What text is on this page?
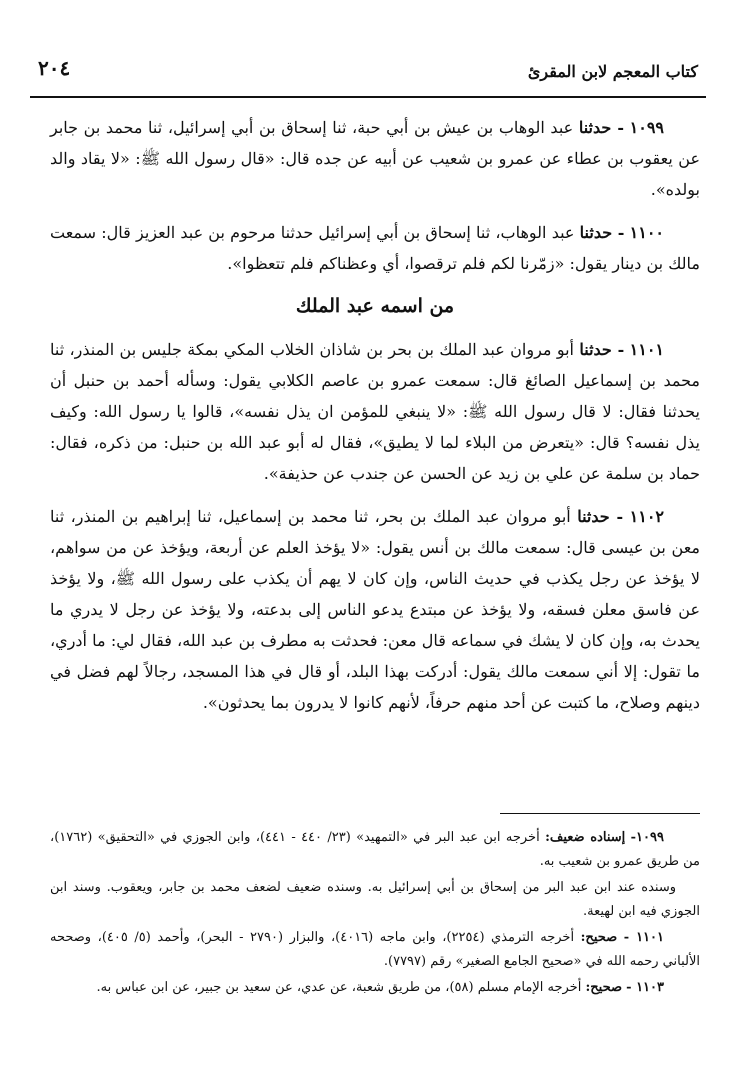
كتاب المعجم لابن المقرئ
٢٠٤

١٠٩٩ - حدثنا عبد الوهاب بن عيش بن أبي حبة، ثنا إسحاق بن أبي إسرائيل، ثنا محمد بن جابر عن يعقوب بن عطاء عن عمرو بن شعيب عن أبيه عن جده قال: «قال رسول الله ﷺ: «لا يقاد والد بولده».

١١٠٠ - حدثنا عبد الوهاب، ثنا إسحاق بن أبي إسرائيل حدثنا مرحوم بن عبد العزيز قال: سمعت مالك بن دينار يقول: «زمّرنا لكم فلم ترقصوا، أي وعظناكم فلم تتعظوا».

من اسمه عبد الملك

١١٠١ - حدثنا أبو مروان عبد الملك بن بحر بن شاذان الخلاب المكي بمكة جليس بن المنذر، ثنا محمد بن إسماعيل الصائغ قال: سمعت عمرو بن عاصم الكلابي يقول: وسأله أحمد بن حنبل أن يحدثنا فقال: لا قال رسول الله ﷺ: «لا ينبغي للمؤمن ان يذل نفسه»، قالوا يا رسول الله: وكيف يذل نفسه؟ قال: «يتعرض من البلاء لما لا يطيق»، فقال له أبو عبد الله بن حنبل: من ذكره، فقال: حماد بن سلمة عن علي بن زيد عن الحسن عن جندب عن حذيفة».

١١٠٢ - حدثنا أبو مروان عبد الملك بن بحر، ثنا محمد بن إسماعيل، ثنا إبراهيم بن المنذر، ثنا معن بن عيسى قال: سمعت مالك بن أنس يقول: «لا يؤخذ العلم عن أربعة، ويؤخذ عن من سواهم، لا يؤخذ عن رجل يكذب في حديث الناس، وإن كان لا يهم أن يكذب على رسول الله ﷺ، ولا يؤخذ عن فاسق معلن فسقه، ولا يؤخذ عن مبتدع يدعو الناس إلى بدعته، ولا يؤخذ عن رجل لا يدري ما يحدث به، وإن كان لا يشك في سماعه قال معن: فحدثت به مطرف بن عبد الله، فقال لي: ما أدري، ما تقول: إلا أني سمعت مالك يقول: أدركت بهذا البلد، أو قال في هذا المسجد، رجالاً لهم فضل في دينهم وصلاح، ما كتبت عن أحد منهم حرفاً، لأنهم كانوا لا يدرون بما يحدثون».

١٠٩٩- إسناده ضعيف: أخرجه ابن عبد البر في «التمهيد» (٢٣/ ٤٤٠ - ٤٤١)، وابن الجوزي في «التحقيق» (١٧٦٢)، من طريق عمرو بن شعيب به.

وسنده عند ابن عبد البر من إسحاق بن أبي إسرائيل به. وسنده ضعيف لضعف محمد بن جابر، ويعقوب. وسند ابن الجوزي فيه ابن لهيعة.

١١٠١ - صحيح: أخرجه الترمذي (٢٢٥٤)، وابن ماجه (٤٠١٦)، والبزار (٢٧٩٠ - البحر)، وأحمد (٥/ ٤٠٥)، وصححه الألباني رحمه الله في «صحيح الجامع الصغير» رقم (٧٧٩٧).

١١٠٣ - صحيح: أخرجه الإمام مسلم (٥٨)، من طريق شعبة، عن عدي، عن سعيد بن جبير، عن ابن عباس به.
